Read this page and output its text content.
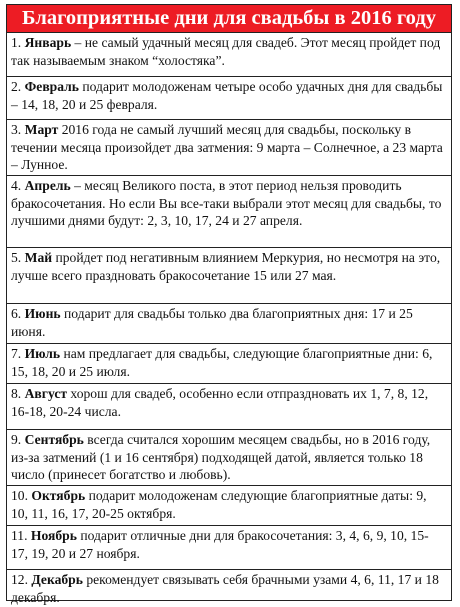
Благоприятные дни для свадьбы в 2016 году
1. Январь – не самый удачный месяц для свадеб. Этот месяц пройдет под так называемым знаком “холостяка”.
2. Февраль подарит молодоженам четыре особо удачных дня для свадьбы – 14, 18, 20 и 25 февраля.
3. Март 2016 года не самый лучший месяц для свадьбы, поскольку в течении месяца произойдет два затмения: 9 марта – Солнечное, а 23 марта – Лунное.
4. Апрель – месяц Великого поста, в этот период нельзя проводить бракосочетания. Но если Вы все-таки выбрали этот месяц для свадьбы, то лучшими днями будут: 2, 3, 10, 17, 24 и 27 апреля.
5. Май пройдет под негативным влиянием Меркурия, но несмотря на это, лучше всего праздновать бракосочетание 15 или 27 мая.
6. Июнь подарит для свадьбы только два благоприятных дня: 17 и 25 июня.
7. Июль нам предлагает для свадьбы, следующие благоприятные дни: 6, 15, 18, 20 и 25 июля.
8. Август хорош для свадеб, особенно если отпраздновать их 1, 7, 8, 12, 16-18, 20-24 числа.
9. Сентябрь всегда считался хорошим месяцем свадьбы, но в 2016 году, из-за затмений (1 и 16 сентября) подходящей датой, является только 18 число (принесет богатство и любовь).
10. Октябрь подарит молодоженам следующие благоприятные даты: 9, 10, 11, 16, 17, 20-25 октября.
11. Ноябрь подарит отличные дни для бракосочетания: 3, 4, 6, 9, 10, 15-17, 19, 20 и 27 ноября.
12. Декабрь рекомендует связывать себя брачными узами 4, 6, 11, 17 и 18 декабря.
